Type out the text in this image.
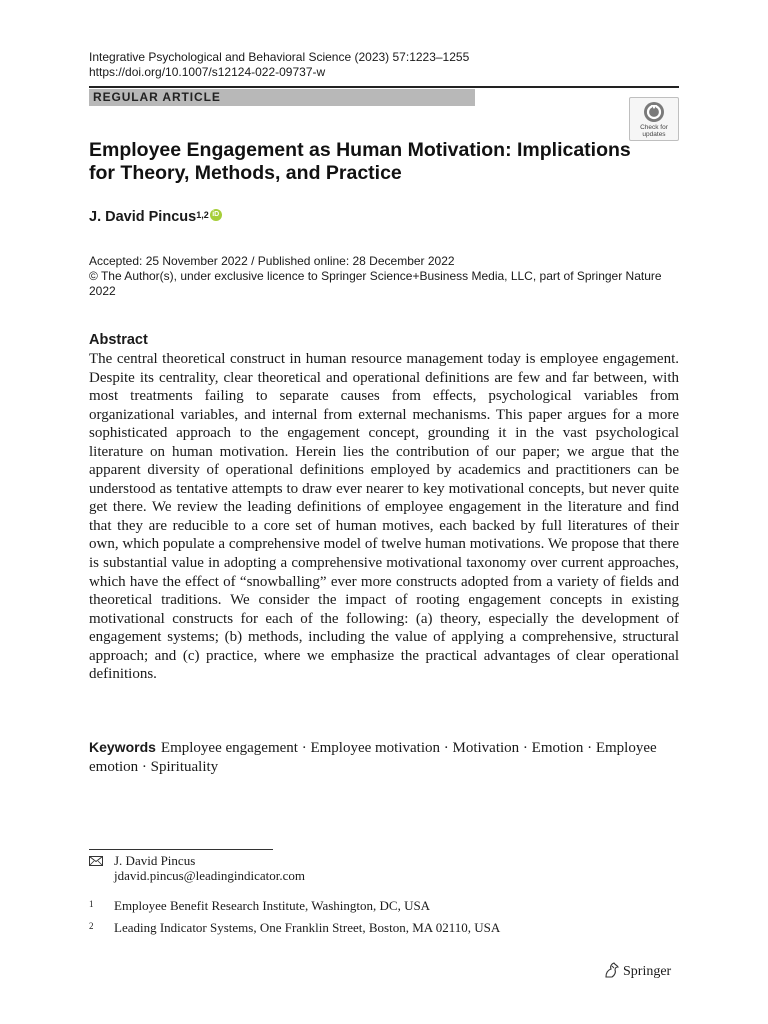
Integrative Psychological and Behavioral Science (2023) 57:1223–1255
https://doi.org/10.1007/s12124-022-09737-w
REGULAR ARTICLE
Check for updates
Employee Engagement as Human Motivation: Implications for Theory, Methods, and Practice
J. David Pincus$^{1,2}$ iD
Accepted: 25 November 2022 / Published online: 28 December 2022
© The Author(s), under exclusive licence to Springer Science+Business Media, LLC, part of Springer Nature 2022
Abstract
The central theoretical construct in human resource management today is employee engagement. Despite its centrality, clear theoretical and operational definitions are few and far between, with most treatments failing to separate causes from effects, psychological variables from organizational variables, and internal from external mechanisms. This paper argues for a more sophisticated approach to the engagement concept, grounding it in the vast psychological literature on human motivation. Herein lies the contribution of our paper; we argue that the apparent diversity of operational definitions employed by academics and practitioners can be understood as tentative attempts to draw ever nearer to key motivational concepts, but never quite get there. We review the leading definitions of employee engagement in the literature and find that they are reducible to a core set of human motives, each backed by full literatures of their own, which populate a comprehensive model of twelve human motivations. We propose that there is substantial value in adopting a comprehensive motivational taxonomy over current approaches, which have the effect of “snowballing” ever more constructs adopted from a variety of fields and theoretical traditions. We consider the impact of rooting engagement concepts in existing motivational constructs for each of the following: (a) theory, especially the development of engagement systems; (b) methods, including the value of applying a comprehensive, structural approach; and (c) practice, where we emphasize the practical advantages of clear operational definitions.
Keywords Employee engagement · Employee motivation · Motivation · Emotion · Employee emotion · Spirituality
J. David Pincus
jdavid.pincus@leadingindicator.com
1 Employee Benefit Research Institute, Washington, DC, USA
2 Leading Indicator Systems, One Franklin Street, Boston, MA 02110, USA
Springer
